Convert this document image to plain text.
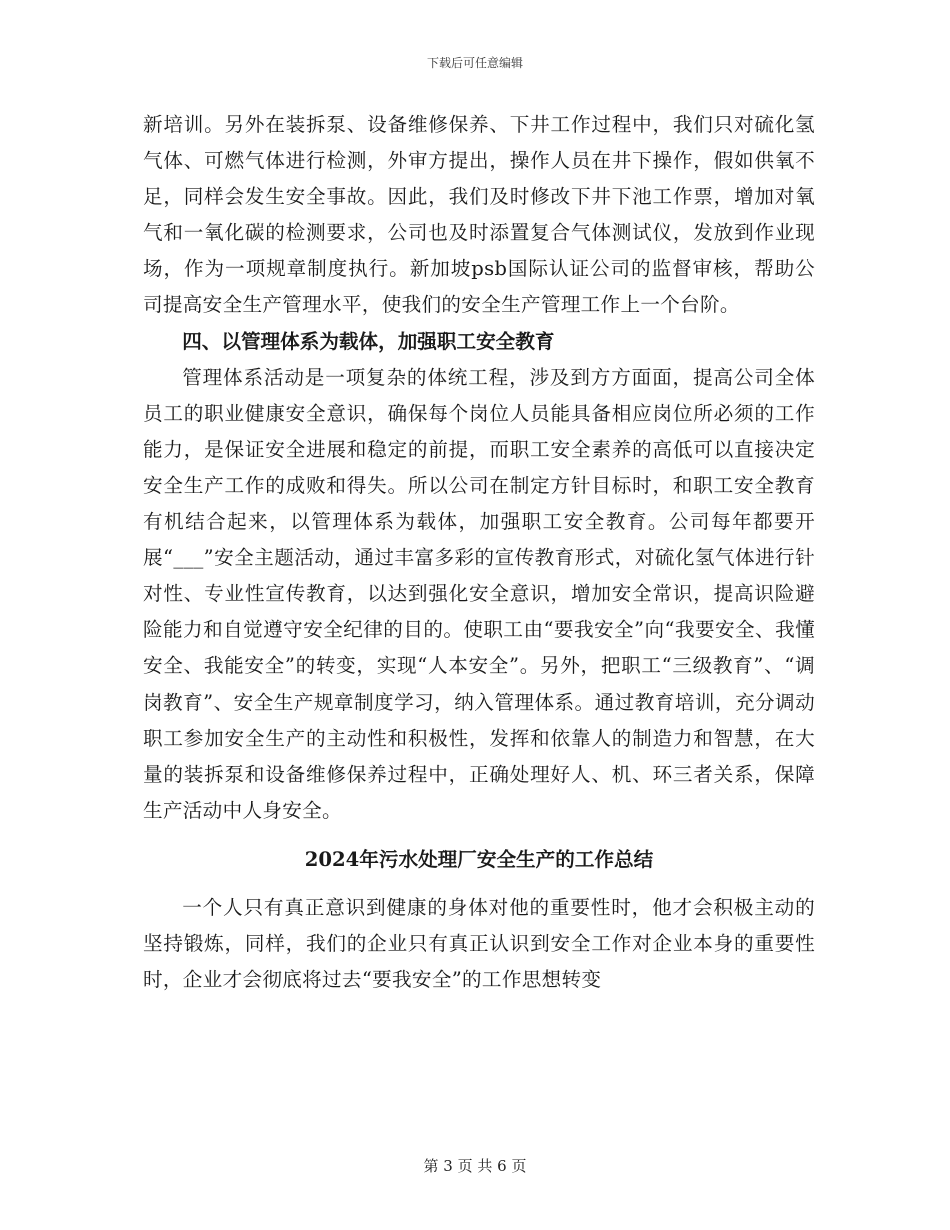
下载后可任意编辑

新培训。另外在装拆泵、设备维修保养、下井工作过程中，我们只对硫化氢气体、可燃气体进行检测，外审方提出，操作人员在井下操作，假如供氧不足，同样会发生安全事故。因此，我们及时修改下井下池工作票，增加对氧气和一氧化碳的检测要求，公司也及时添置复合气体测试仪，发放到作业现场，作为一项规章制度执行。新加坡psb国际认证公司的监督审核，帮助公司提高安全生产管理水平，使我们的安全生产管理工作上一个台阶。

四、以管理体系为载体，加强职工安全教育

管理体系活动是一项复杂的体统工程，涉及到方方面面，提高公司全体员工的职业健康安全意识，确保每个岗位人员能具备相应岗位所必须的工作能力，是保证安全进展和稳定的前提，而职工安全素养的高低可以直接决定安全生产工作的成败和得失。所以公司在制定方针目标时，和职工安全教育有机结合起来，以管理体系为载体，加强职工安全教育。公司每年都要开展“___”安全主题活动，通过丰富多彩的宣传教育形式，对硫化氢气体进行针对性、专业性宣传教育，以达到强化安全意识，增加安全常识，提高识险避险能力和自觉遵守安全纪律的目的。使职工由“要我安全”向“我要安全、我懂安全、我能安全”的转变，实现“人本安全”。另外，把职工“三级教育”、“调岗教育”、安全生产规章制度学习，纳入管理体系。通过教育培训，充分调动职工参加安全生产的主动性和积极性，发挥和依靠人的制造力和智慧，在大量的装拆泵和设备维修保养过程中，正确处理好人、机、环三者关系，保障生产活动中人身安全。

2024年污水处理厂安全生产的工作总结

一个人只有真正意识到健康的身体对他的重要性时，他才会积极主动的坚持锻炼，同样，我们的企业只有真正认识到安全工作对企业本身的重要性时，企业才会彻底将过去“要我安全”的工作思想转变

第 3 页 共 6 页
